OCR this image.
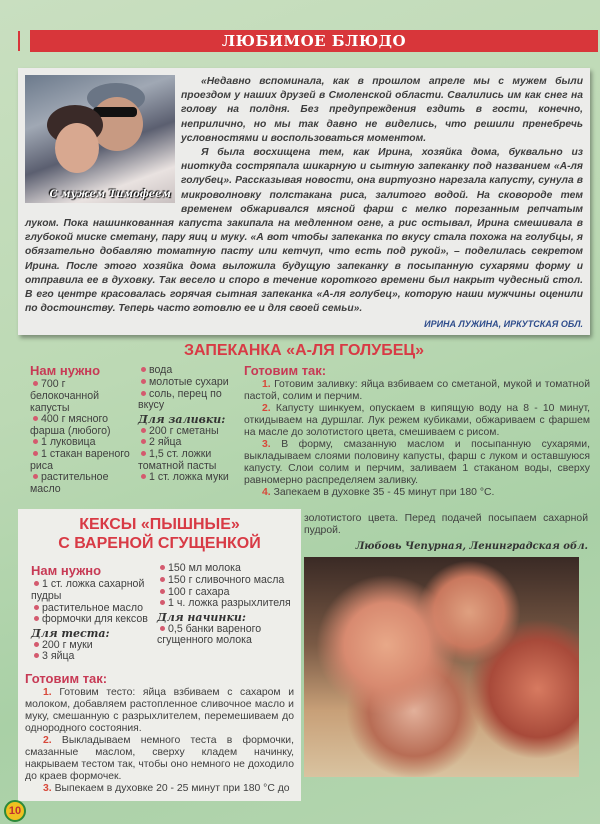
ЛЮБИМОЕ БЛЮДО
С мужем Тимофеем

«Недавно вспоминала, как в прошлом апреле мы с мужем были проездом у наших друзей в Смоленской области. Свалились им как снег на голову на полдня. Без предупреждения ездить в гости, конечно, неприлично, но мы так давно не виделись, что решили пренебречь условностями и воспользоваться моментом.

Я была восхищена тем, как Ирина, хозяйка дома, буквально из ниоткуда состряпала шикарную и сытную запеканку под названием «А-ля голубец». Рассказывая новости, она виртуозно нарезала капусту, сунула в микроволновку полстакана риса, залитого водой. На сковороде тем временем обжаривался мясной фарш с мелко порезанным репчатым луком. Пока нашинкованная капуста закипала на медленном огне, а рис остывал, Ирина смешивала в глубокой миске сметану, пару яиц и муку. «А вот чтобы запеканка по вкусу стала похожа на голубцы, я обязательно добавляю томатную пасту или кетчуп, что есть под рукой», – поделилась секретом Ирина. После этого хозяйка дома выложила будущую запеканку в посыпанную сухарями форму и отправила ее в духовку. Так весело и споро в течение короткого времени был накрыт чудесный стол. В его центре красовалась горячая сытная запеканка «А-ля голубец», которую наши мужчины оценили по достоинству. Теперь часто готовлю ее и для своей семьи».

ИРИНА ЛУЖИНА, ИРКУТСКАЯ ОБЛ.
ЗАПЕКАНКА «А-ЛЯ ГОЛУБЕЦ»
Нам нужно
700 г белокочанной капусты
400 г мясного фарша (любого)
1 луковица
1 стакан вареного риса
растительное масло
вода
молотые сухари
соль, перец по вкусу
Для заливки:
200 г сметаны
2 яйца
1,5 ст. ложки томатной пасты
1 ст. ложка муки
Готовим так:

1. Готовим заливку: яйца взбиваем со сметаной, мукой и томатной пастой, солим и перчим.

2. Капусту шинкуем, опускаем в кипящую воду на 8 - 10 минут, откидываем на дуршлаг. Лук режем кубиками, обжариваем с фаршем на масле до золотистого цвета, смешиваем с рисом.

3. В форму, смазанную маслом и посыпанную сухарями, выкладываем слоями половину капусты, фарш с луком и оставшуюся капусту. Слои солим и перчим, заливаем 1 стаканом воды, сверху равномерно распределяем заливку.

4. Запекаем в духовке 35 - 45 минут при 180 °С.

КЕКСЫ «ПЫШНЫЕ»
С ВАРЕНОЙ СГУЩЕНКОЙ
Нам нужно
1 ст. ложка сахарной пудры
растительное масло
формочки для кексов
Для теста:
200 г муки
3 яйца
150 мл молока
150 г сливочного масла
100 г сахара
1 ч. ложка разрыхлителя
Для начинки:
0,5 банки вареного сгущенного молока
Готовим так:

1. Готовим тесто: яйца взбиваем с сахаром и молоком, добавляем растопленное сливочное масло и муку, смешанную с разрыхлителем, перемешиваем до однородного состояния.

2. Выкладываем немного теста в формочки, смазанные маслом, сверху кладем начинку, накрываем тестом так, чтобы оно немного не доходило до краев формочек.

3. Выпекаем в духовке 20 - 25 минут при 180 °С до

золотистого цвета. Перед подачей посыпаем сахарной пудрой.
Любовь Чепурная, Ленинградская обл.
10
